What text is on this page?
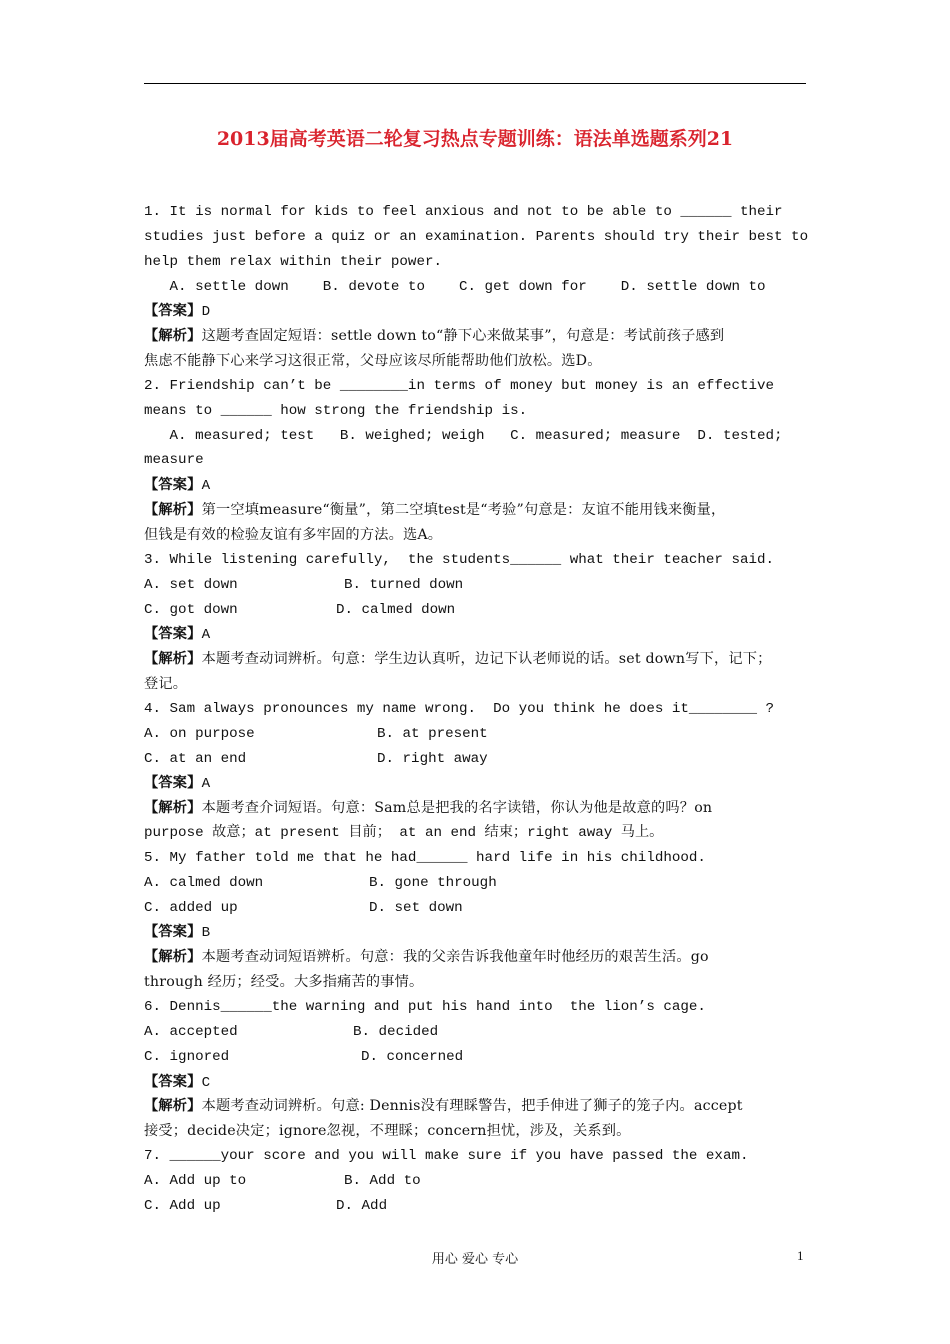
2013届高考英语二轮复习热点专题训练：语法单选题系列21
1. It is normal for kids to feel anxious and not to be able to ______ their
studies just before a quiz or an examination. Parents should try their best to
help them relax within their power.
A. settle down    B. devote to    C. get down for    D. settle down to
【答案】D
【解析】这题考查固定短语：settle down to“静下心来做某事”，句意是：考试前孩子感到
焦虑不能静下心来学习这很正常，父母应该尽所能帮助他们放松。选D。
2. Friendship can’t be ________in terms of money but money is an effective
means to ______ how strong the friendship is.
A. measured; test   B. weighed; weigh   C. measured; measure  D. tested;
measure
【答案】A
【解析】第一空填measure“衡量”，第二空填test是“考验”句意是：友谊不能用钱来衡量，
但钱是有效的检验友谊有多牢固的方法。选A。
3. While listening carefully,  the students______ what their teacher said.
A. set down	B. turned down
C. got down	D. calmed down
【答案】A
【解析】本题考查动词辨析。句意：学生边认真听，边记下认老师说的话。set down写下，记下；
登记。
4. Sam always pronounces my name wrong.  Do you think he does it________ ?
A. on purpose	B. at present
C. at an end	D. right away
【答案】A
【解析】本题考查介词短语。句意：Sam总是把我的名字读错，你认为他是故意的吗？on
purpose 故意；at present 目前； at an end 结束；right away 马上。
5. My father told me that he had______ hard life in his childhood.
A. calmed down	B. gone through
C. added up	D. set down
【答案】B
【解析】本题考查动词短语辨析。句意：我的父亲告诉我他童年时他经历的艰苦生活。go
through 经历；经受。大多指痛苦的事情。
6. Dennis______the warning and put his hand into  the lion’s cage.
A. accepted	B. decided
C. ignored	D. concerned
【答案】C
【解析】本题考查动词辨析。句意: Dennis没有理睬警告，把手伸进了狮子的笼子内。accept
接受；decide决定；ignore忽视，不理睬；concern担忧，涉及，关系到。
7. ______your score and you will make sure if you have passed the exam.
A. Add up to	B. Add to
C. Add up	D. Add
用心 爱心 专心	1
